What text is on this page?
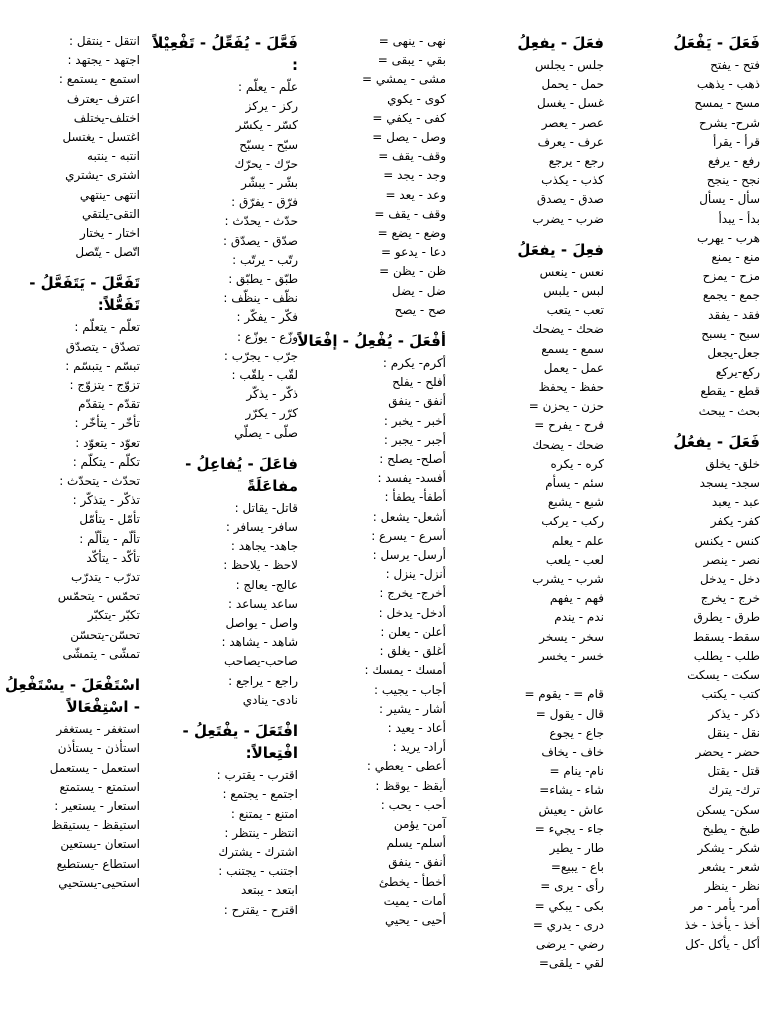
فَعَلَ - يَفْعَلُ
فتح - يفتح
ذهب - يذهب
مسح - يمسح
شرح- يشرح
قرأ - يقرأ
رفع - يرفع
نجح - ينجح
سأل - يسأل
بدأ - يبدأ
هرب - يهرب
منع - يمنع
مزح - يمزح
جمع - يجمع
فقد - يفقد
سبح - يسبح
جعل-يجعل
ركع-يركع
قطع - يقطع
بحث - يبحث
فَعَلَ - يفعُلُ
خلق- يخلق
سجد- يسجد
عبد - يعبد
كفر- يكفر
كنس - يكنس
نصر - ينصر
دخل - يدخل
خرج - يخرج
طرق - يطرق
سقط- يسقط
طلب - يطلب
سكت - يسكت
كتب - يكتب
ذكر - يذكر
نقل - ينقل
حضر - يحضر
قتل - يقتل
ترك- يترك
سكن- يسكن
طبخ - يطبخ
شكر - يشكر
شعر - يشعر
نظر - ينظر
أمر- يأمر - مر
أخذ - يأخذ - خذ
أكل - يأكل -كل
فعَلَ - يفعِلُ
جلس - يجلس
حمل - يحمل
غسل - يغسل
عصر - يعصر
عرف - يعرف
رجع - يرجع
كذب - يكذب
صدق - يصدق
ضرب - يضرب
فعِلَ - يفعَلُ
نعس - ينعس
لبس - يلبس
تعب - يتعب
ضحك - يضحك
سمع - يسمع
عمل - يعمل
حفظ - يحفظ
حزن - يحزن =
فرح - يفرح =
ضحك - يضحك
كره - يكره
سئم - يسأم
شبع - يشبع
ركب - يركب
علم - يعلم
لعب - يلعب
شرب - يشرب
فهم - يفهم
ندم - يندم
سخر - يسخر
خسر - يخسر

قام = - يقوم =
قال - يقول =
جاع - يجوع
خاف - يخاف
نام- ينام =
شاء - يشاء=
عاش - يعيش
جاء - يجيء =
طار - يطير
باع - يبيع=
رأى - يرى =
بكى - يبكي =
درى - يدري =
رضي - يرضى
لقي - يلقى=
نهى - ينهى =
بقي - يبقى =
مشى - يمشي =
كوى - يكوي
كفى - يكفي =
وصل - يصل =
وقف- يقف =
وجد - يجد =
وعد - يعد =
وقف - يقف =
وضع - يضع =
دعا - يدعو =
ظن - يظن =
ضل - يضل
صح - يصح
أفْعَلَ - يُفْعِلُ - إفْعَالاً
أكرم- يكرم :
أفلح - يفلح
أنفق - ينفق
أخبر - يخبر :
أجبر - يجبر :
أصلح- يصلح :
أفسد- يفسد :
أطفأ- يطفأ :
أشعل- يشعل :
أسرع - يسرع :
أرسل- يرسل :
أنزل- ينزل :
أخرج- يخرج :
أدخل- يدخل :
أعلن - يعلن :
أغلق - يغلق :
أمسك - يمسك :
أجاب - يجيب :
أشار - يشير :
أعاد - يعيد :
أراد- يريد :
أعطى - يعطي :
أيقظ - يوقظ :
أحب - يحب :
آمن- يؤمن
أسلم- يسلم
أنفق - ينفق
أخطأ - يخطئ
أمات - يميت
أحيى - يحيي
فَعَّلَ - يُفَعِّلُ - تَفْعِيْلاً :
علّم - يعلّم :
ركز - يركز
كسّر - يكسّر
سبّح - يسبّح
حرّك - يحرّك
بشّر - يبشّر
فرّق - يفرّق :
حدّث - يحدّث :
صدّق - يصدّق :
رتّب - يرتّب :
طبّق - يطبّق :
نظّف - ينظّف :
فكّر - يفكّر :
وزّع - يوزّع :
جرّب - يجرّب :
لقّب - يلقّب :
ذكّر - يذكّر
كرّر - يكرّر
صلّى - يصلّي
فاعَلَ - يُفاعِلُ - مفاعَلَةً
قاتل- يقاتل :
سافر- يسافر :
جاهد- يجاهد :
لاحظ - يلاحظ :
عالج- يعالج :
ساعد يساعد :
واصل - يواصل
شاهد - يشاهد :
صاحب-يصاحب
راجع - يراجع :
نادى- ينادي
افْتَعَلَ - يفْتَعِلُ - افْتِعالاً:
اقترب - يقترب :
اجتمع - يجتمع :
امتنع - يمتنع :
انتظر - ينتظر :
اشترك - يشترك
اجتنب - يجتنب :
ابتعد - يبتعد
اقترح - يقترح :
انتقل - ينتقل :
اجتهد - يجتهد :
استمع - يستمع :
اعترف -يعترف
اختلف-يختلف
اغتسل - يغتسل
انتبه - ينتبه
اشترى -يشتري
انتهى -ينتهي
التقى-يلتقي
اختار - يختار
اتّصل - يتّصل
تَفَعَّلَ - يَتَفَعَّلُ - تَفَعُّلاً:
تعلّم - يتعلّم :
تصدّق - يتصدّق
تبسّم - يتبسّم :
تزوّج - يتزوّج :
تقدّم - يتقدّم
تأخّر - يتأخّر :
تعوّد - يتعوّد :
تكلّم - يتكلّم :
تحدّث - يتحدّث :
تذكّر - يتذكّر :
تأمّل - يتأمّل
تألّم - يتألّم :
تأكّد - يتأكّد
تدرّب - يتدرّب
تحمّس - يتحمّس
تكبّر -يتكبّر
تحسّن-يتحسّن
تمشّى - يتمشّى
اسْتَفْعَلَ - يسْتَفْعِلُ - اسْتِفْعَالاً
استغفر - يستغفر
استأذن - يستأذن
استعمل - يستعمل
استمتع - يستمتع
استعار - يستعير :
استيقظ - يستيقظ
استعان -يستعين
استطاع -يستطيع
استحيى-يستحيي
